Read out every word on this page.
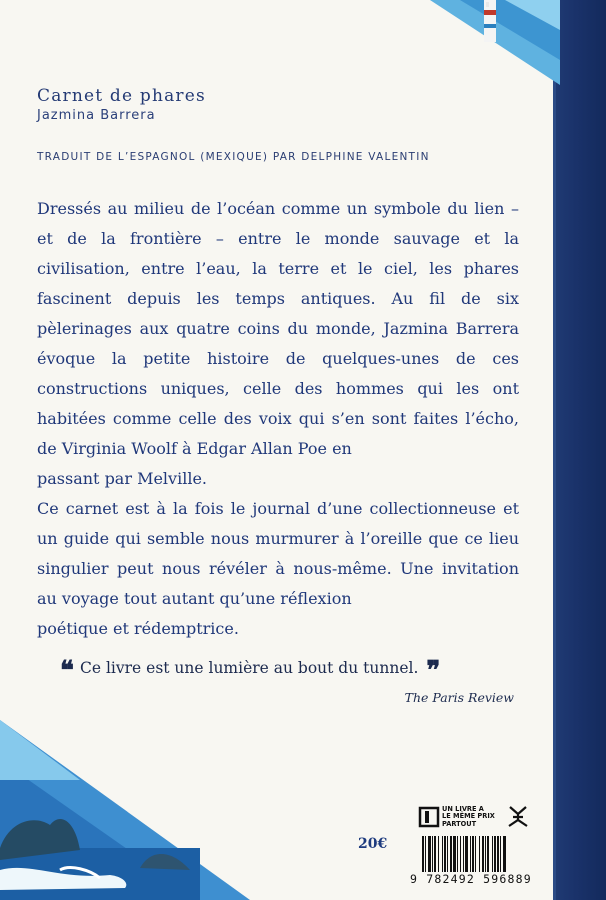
Carnet de phares
Jazmina Barrera
TRADUIT DE L’ESPAGNOL (MEXIQUE) PAR DELPHINE VALENTIN

Dressés au milieu de l’océan comme un symbole du lien – et de la frontière – entre le monde sauvage et la civilisation, entre l’eau, la terre et le ciel, les phares fascinent depuis les temps antiques. Au fil de six pèlerinages aux quatre coins du monde, Jazmina Barrera évoque la petite histoire de quelques-unes de ces constructions uniques, celle des hommes qui les ont habitées comme celle des voix qui s’en sont faites l’écho, de Virginia Woolf à Edgar Allan Poe en

passant par Melville.

Ce carnet est à la fois le journal d’une collectionneuse et un guide qui semble nous murmurer à l’oreille que ce lieu singulier peut nous révéler à nous-même. Une invitation au voyage tout autant qu’une réflexion

poétique et rédemptrice.

❝ Ce livre est une lumière au bout du tunnel. ❞
The Paris Review
20€
UN LIVRE A
LE MÊME PRIX
PARTOUT
9 782492 596889
